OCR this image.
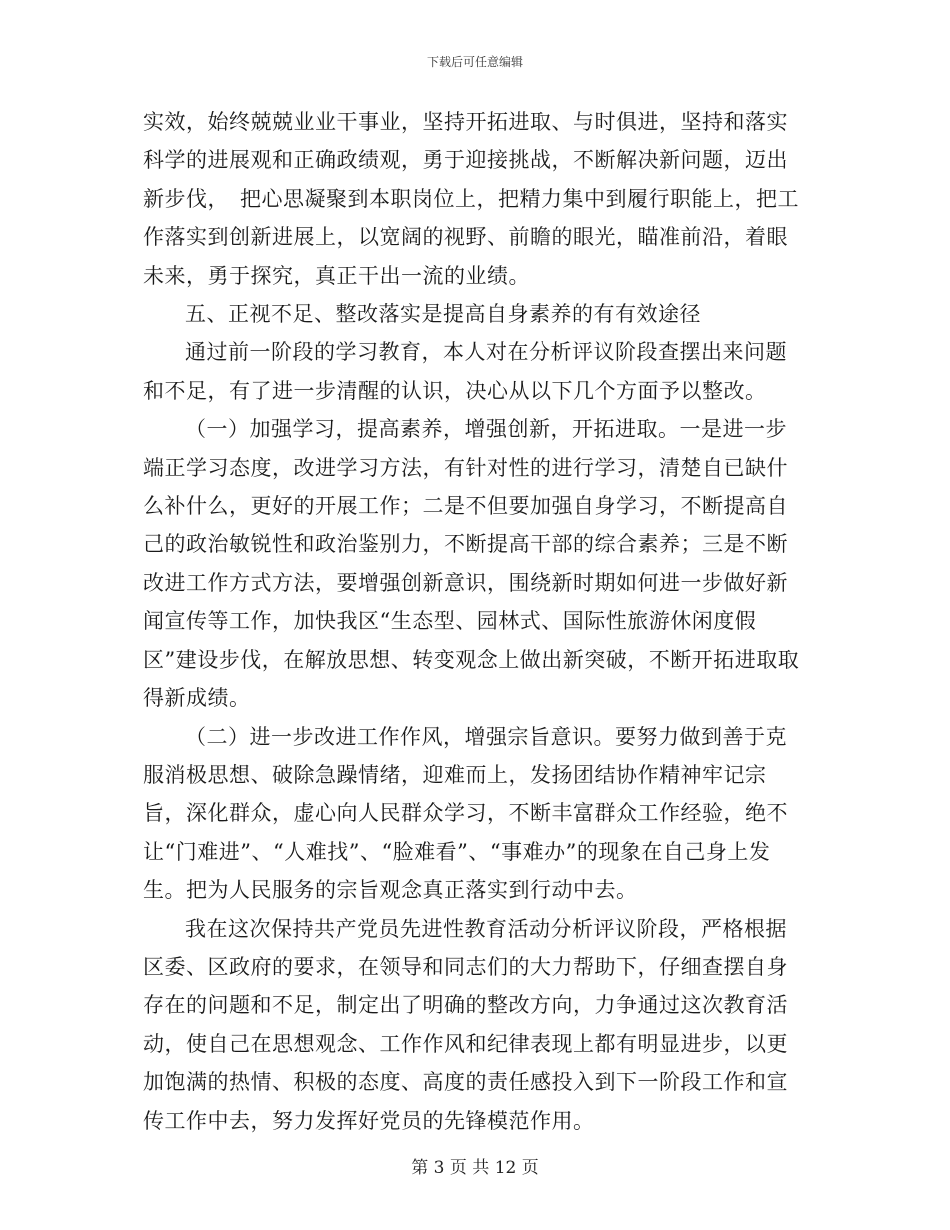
下载后可任意编辑

实效，始终兢兢业业干事业，坚持开拓进取、与时俱进，坚持和落实科学的进展观和正确政绩观，勇于迎接挑战，不断解决新问题，迈出新步伐，　把心思凝聚到本职岗位上，把精力集中到履行职能上，把工作落实到创新进展上，以宽阔的视野、前瞻的眼光，瞄准前沿，着眼未来，勇于探究，真正干出一流的业绩。

五、正视不足、整改落实是提高自身素养的有有效途径

通过前一阶段的学习教育，本人对在分析评议阶段查摆出来问题和不足，有了进一步清醒的认识，决心从以下几个方面予以整改。

（一）加强学习，提高素养，增强创新，开拓进取。一是进一步端正学习态度，改进学习方法，有针对性的进行学习，清楚自已缺什么补什么，更好的开展工作；二是不但要加强自身学习，不断提高自己的政治敏锐性和政治鉴别力，不断提高干部的综合素养；三是不断改进工作方式方法，要增强创新意识，围绕新时期如何进一步做好新闻宣传等工作，加快我区“生态型、园林式、国际性旅游休闲度假区”建设步伐，在解放思想、转变观念上做出新突破，不断开拓进取取得新成绩。

（二）进一步改进工作作风，增强宗旨意识。要努力做到善于克服消极思想、破除急躁情绪，迎难而上，发扬团结协作精神牢记宗旨，深化群众，虚心向人民群众学习，不断丰富群众工作经验，绝不让“门难进”、“人难找”、“脸难看”、“事难办”的现象在自己身上发生。把为人民服务的宗旨观念真正落实到行动中去。

我在这次保持共产党员先进性教育活动分析评议阶段，严格根据区委、区政府的要求，在领导和同志们的大力帮助下，仔细查摆自身存在的问题和不足，制定出了明确的整改方向，力争通过这次教育活动，使自己在思想观念、工作作风和纪律表现上都有明显进步，以更加饱满的热情、积极的态度、高度的责任感投入到下一阶段工作和宣传工作中去，努力发挥好党员的先锋模范作用。

第 3 页 共 12 页
